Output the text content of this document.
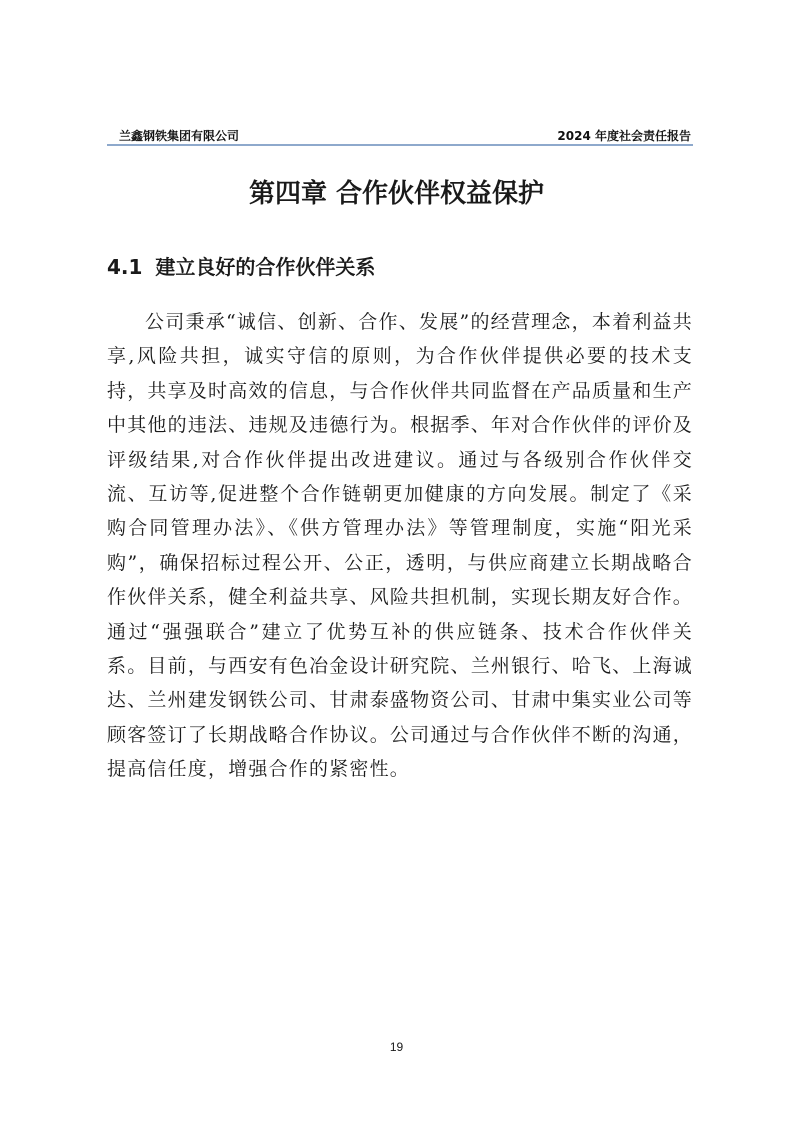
兰鑫钢铁集团有限公司	2024 年度社会责任报告
第四章 合作伙伴权益保护
4.1 建立良好的合作伙伴关系

公司秉承“诚信、创新、合作、发展”的经营理念，本着利益共享,风险共担，诚实守信的原则，为合作伙伴提供必要的技术支持，共享及时高效的信息，与合作伙伴共同监督在产品质量和生产中其他的违法、违规及违德行为。根据季、年对合作伙伴的评价及评级结果,对合作伙伴提出改进建议。通过与各级别合作伙伴交流、互访等,促进整个合作链朝更加健康的方向发展。制定了《采购合同管理办法》、《供方管理办法》等管理制度，实施“阳光采购”，确保招标过程公开、公正，透明，与供应商建立长期战略合作伙伴关系，健全利益共享、风险共担机制，实现长期友好合作。通过“强强联合”建立了优势互补的供应链条、技术合作伙伴关系。目前，与西安有色冶金设计研究院、兰州银行、哈飞、上海诚达、兰州建发钢铁公司、甘肃泰盛物资公司、甘肃中集实业公司等顾客签订了长期战略合作协议。公司通过与合作伙伴不断的沟通，提高信任度，增强合作的紧密性。

19
